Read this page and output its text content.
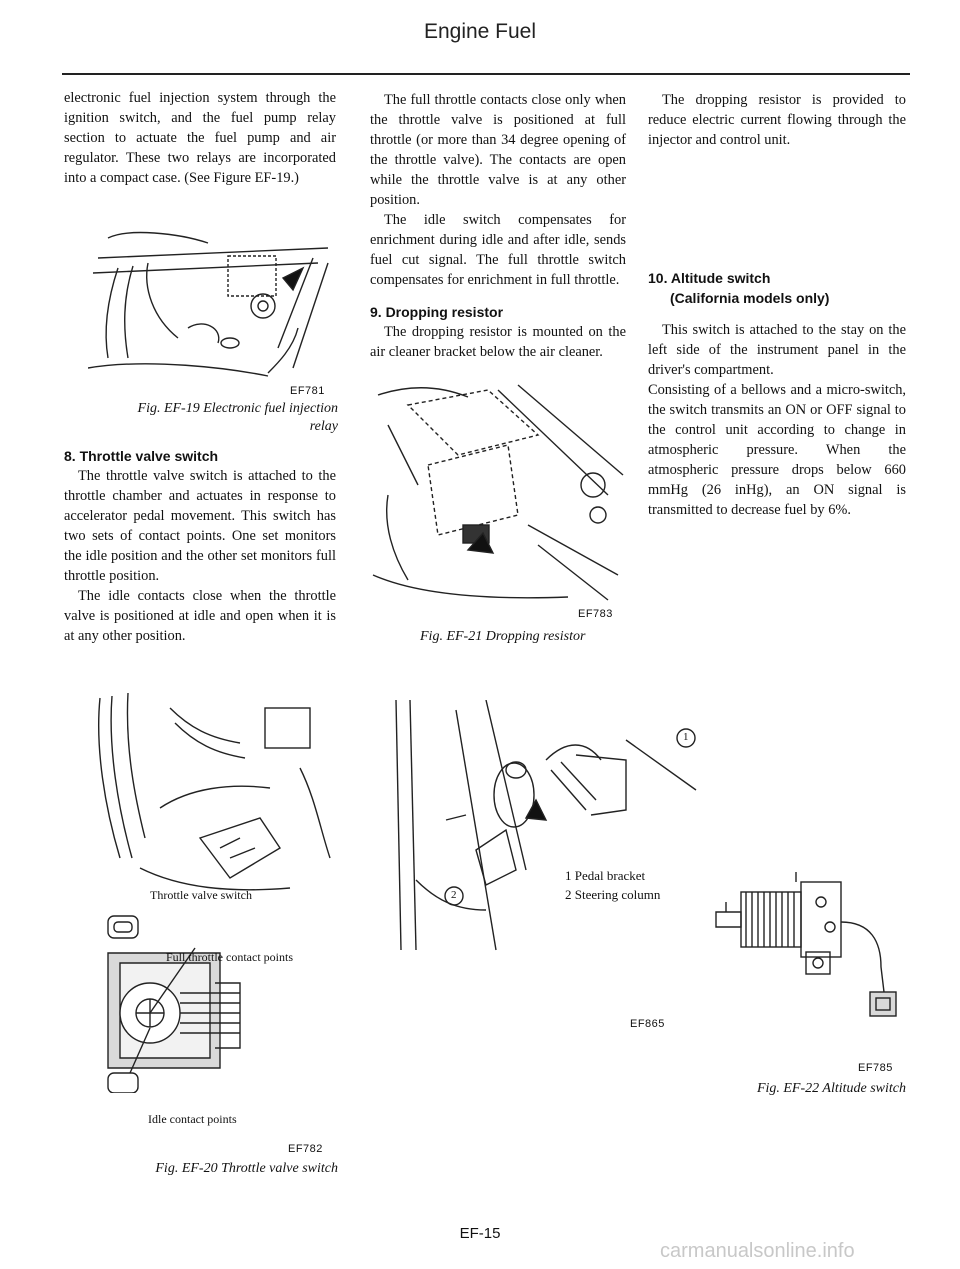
Engine Fuel

electronic fuel injection system through the ignition switch, and the fuel pump relay section to actuate the fuel pump and air regulator. These two relays are incorporated into a compact case. (See Figure EF-19.)

EF781
Fig. EF-19 Electronic fuel injection relay

8. Throttle valve switch

The throttle valve switch is attached to the throttle chamber and actuates in response to accelerator pedal movement. This switch has two sets of contact points. One set monitors the idle position and the other set monitors full throttle position.

The idle contacts close when the throttle valve is positioned at idle and open when it is at any other position.

Throttle valve switch
Full throttle contact points
Idle contact points
EF782
Fig. EF-20 Throttle valve switch

The full throttle contacts close only when the throttle valve is positioned at full throttle (or more than 34 degree opening of the throttle valve). The contacts are open while the throttle valve is at any other position.

The idle switch compensates for enrichment during idle and after idle, sends fuel cut signal. The full throttle switch compensates for enrichment in full throttle.

9. Dropping resistor

The dropping resistor is mounted on the air cleaner bracket below the air cleaner.

EF783
Fig. EF-21 Dropping resistor
1
2
1 Pedal bracket
2 Steering column
EF865

The dropping resistor is provided to reduce electric current flowing through the injector and control unit.

10. Altitude switch
(California models only)

This switch is attached to the stay on the left side of the instrument panel in the driver's compartment.

Consisting of a bellows and a micro-switch, the switch transmits an ON or OFF signal to the control unit according to change in atmospheric pressure. When the atmospheric pressure drops below 660 mmHg (26 inHg), an ON signal is transmitted to decrease fuel by 6%.

EF785
Fig. EF-22 Altitude switch
EF-15
carmanualsonline.info
